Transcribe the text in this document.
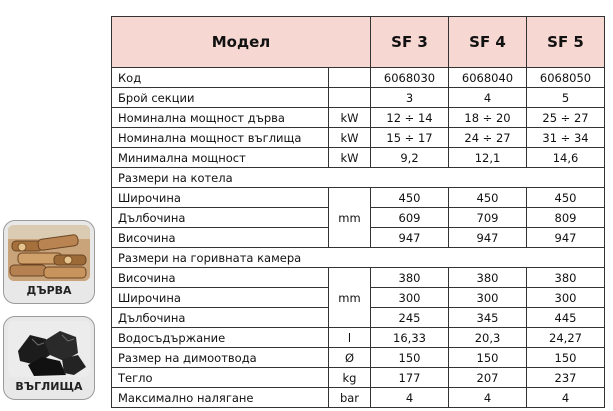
ДЪРВА
ВЪГЛИЩА
Модел		SF 3	SF 4	SF 5
Код		6068030	6068040	6068050
Брой секции		3	4	5
Номинална мощност дърва	kW	12 ÷ 14	18 ÷ 20	25 ÷ 27
Номинална мощност въглища	kW	15 ÷ 17	24 ÷ 27	31 ÷ 34
Минимална мощност	kW	9,2	12,1	14,6
Размери на котела				
Широчина	mm	450	450	450
Дълбочина		609	709	809
Височина		947	947	947
Размери на горивната камера				
Височина	mm	380	380	380
Широчина		300	300	300
Дълбочина		245	345	445
Водосъдържание	l	16,33	20,3	24,27
Размер на димоотвода	Ø	150	150	150
Тегло	kg	177	207	237
Максимално налягане	bar	4	4	4
